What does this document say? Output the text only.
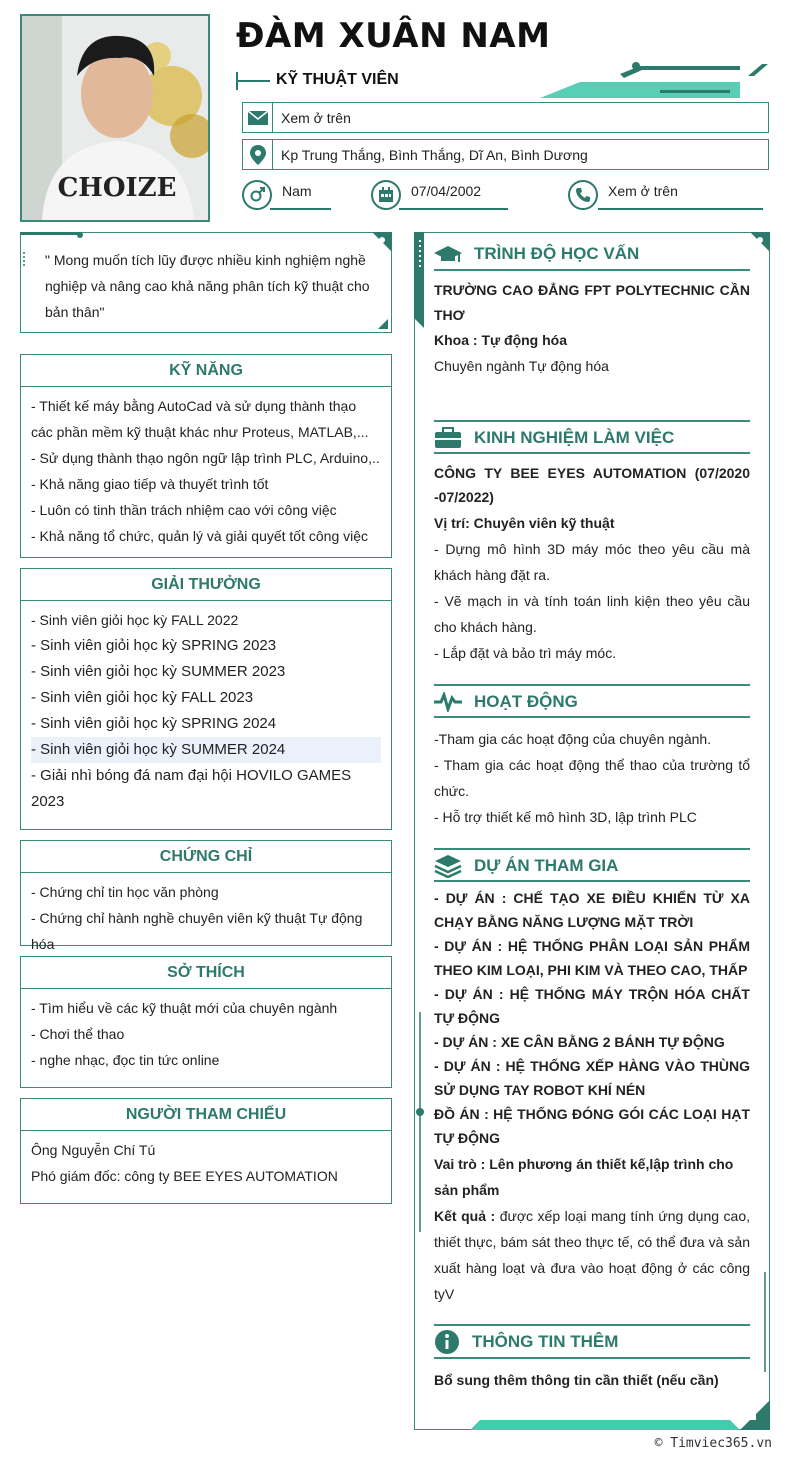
CHOIZE
ĐÀM XUÂN NAM
KỸ THUẬT VIÊN
Xem ở trên
Kp Trung Thắng, Bình Thắng, Dĩ An, Bình Dương
Nam	07/04/2002	Xem ở trên
" Mong muốn tích lũy được nhiều kinh nghiệm nghề nghiệp và nâng cao khả năng phân tích kỹ thuật cho bản thân"
KỸ NĂNG
- Thiết kế máy bằng AutoCad và sử dụng thành thạo các phần mềm kỹ thuật khác như Proteus, MATLAB,...
- Sử dụng thành thạo ngôn ngữ lập trình PLC, Arduino,..
- Khả năng giao tiếp và thuyết trình tốt
- Luôn có tinh thần trách nhiệm cao với công việc
- Khả năng tổ chức, quản lý và giải quyết tốt công việc
GIẢI THƯỞNG
- Sinh viên giỏi học kỳ FALL 2022
- Sinh viên giỏi học kỳ SPRING 2023
- Sinh viên giỏi học kỳ SUMMER 2023
- Sinh viên giỏi học kỳ FALL 2023
- Sinh viên giỏi học kỳ SPRING 2024
- Sinh viên giỏi học kỳ SUMMER 2024
- Giải nhì bóng đá nam đại hội HOVILO GAMES 2023
CHỨNG CHỈ
- Chứng chỉ tin học văn phòng
- Chứng chỉ hành nghề chuyên viên kỹ thuật Tự động hóa
SỞ THÍCH
- Tìm hiểu về các kỹ thuật mới của chuyên ngành
- Chơi thể thao
- nghe nhạc, đọc tin tức online
NGƯỜI THAM CHIẾU
Ông Nguyễn Chí Tú
Phó giám đốc: công ty BEE EYES AUTOMATION
TRÌNH ĐỘ HỌC VẤN
TRƯỜNG CAO ĐẲNG FPT POLYTECHNIC CẦN THƠ
Khoa : Tự động hóa
Chuyên ngành Tự động hóa
KINH NGHIỆM LÀM VIỆC
CÔNG TY BEE EYES AUTOMATION (07/2020 -07/2022)
Vị trí: Chuyên viên kỹ thuật
- Dựng mô hình 3D máy móc theo yêu cầu mà khách hàng đặt ra.
- Vẽ mạch in và tính toán linh kiện theo yêu cầu cho khách hàng.
- Lắp đặt và bảo trì máy móc.
HOẠT ĐỘNG
-Tham gia các hoạt động của chuyên ngành.
- Tham gia các hoạt động thể thao của trường tổ chức.
- Hỗ trợ thiết kế mô hình 3D, lập trình PLC
DỰ ÁN THAM GIA
- DỰ ÁN : CHẾ TẠO XE ĐIỀU KHIỂN TỪ XA CHẠY BẰNG NĂNG LƯỢNG MẶT TRỜI
- DỰ ÁN : HỆ THỐNG PHÂN LOẠI SẢN PHẨM THEO KIM LOẠI, PHI KIM VÀ THEO CAO, THẤP
- DỰ ÁN : HỆ THỐNG MÁY TRỘN HÓA CHẤT TỰ ĐỘNG
- DỰ ÁN : XE CÂN BẰNG 2 BÁNH TỰ ĐỘNG
- DỰ ÁN : HỆ THỐNG XẾP HÀNG VÀO THÙNG SỬ DỤNG TAY ROBOT KHÍ NÉN
ĐỒ ÁN : HỆ THỐNG ĐÓNG GÓI CÁC LOẠI HẠT TỰ ĐỘNG
Vai trò : Lên phương án thiết kế,lập trình cho sản phẩm
Kết quả : được xếp loại mang tính ứng dụng cao, thiết thực, bám sát theo thực tế, có thể đưa và sản xuất hàng loạt và đưa vào hoạt động ở các công tyV
THÔNG TIN THÊM
Bổ sung thêm thông tin cần thiết (nếu cần)
© Timviec365.vn
